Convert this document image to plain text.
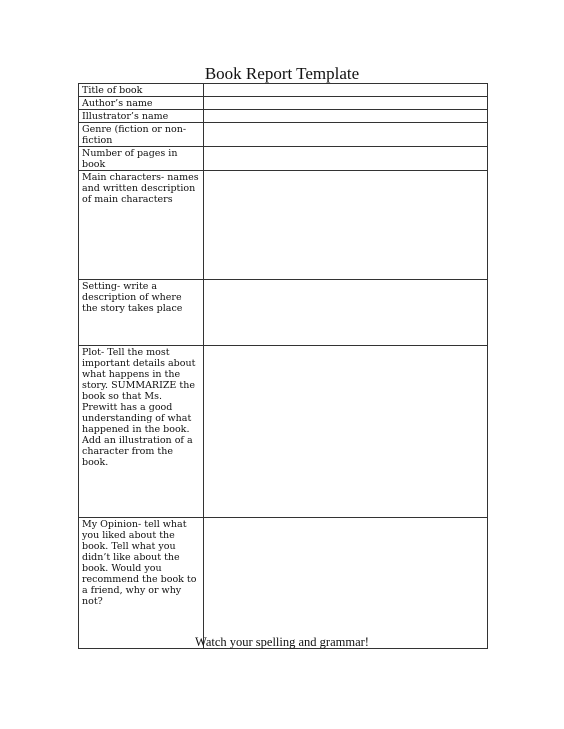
Book Report Template
Title of book	
Author’s name	
Illustrator’s name	
Genre (fiction or non-fiction	
Number of pages in book	
Main characters- names and written description of main characters	
Setting- write a description of where the story takes place	
Plot- Tell the most important details about what happens in the story. SUMMARIZE the book so that Ms. Prewitt has a good understanding of what happened in the book. Add an illustration of a character from the book.	
My Opinion- tell what you liked about the book. Tell what you didn’t like about the book. Would you recommend the book to a friend, why or why not?	
Watch your spelling and grammar!
